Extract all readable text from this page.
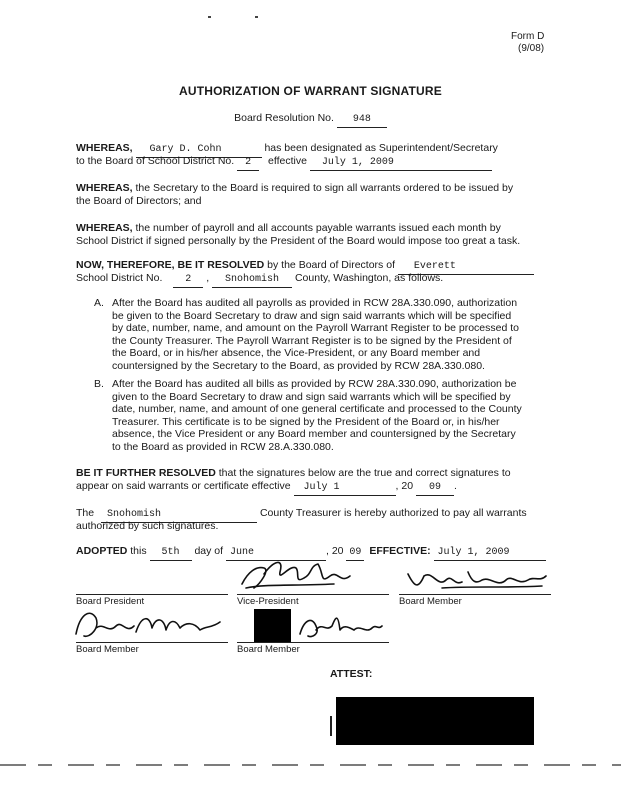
Form D
(9/08)
AUTHORIZATION OF WARRANT SIGNATURE
Board Resolution No. 948
WHEREAS, Gary D. Cohn	has been designated as Superintendent/Secretary
to the Board of School District No. 2 effective July 1, 2009
WHEREAS, the Secretary to the Board is required to sign all warrants ordered to be issued by
the Board of Directors; and
WHEREAS, the number of payroll and all accounts payable warrants issued each month by
School District if signed personally by the President of the Board would impose too great a task.
NOW, THEREFORE, BE IT RESOLVED by the Board of Directors of Everett
School District No. 2 , Snohomish County, Washington, as follows.
A. After the Board has audited all payrolls as provided in RCW 28A.330.090, authorization
be given to the Board Secretary to draw and sign said warrants which will be specified
by date, number, name, and amount on the Payroll Warrant Register to be processed to
the County Treasurer. The Payroll Warrant Register is to be signed by the President of
the Board, or in his/her absence, the Vice-President, or any Board member and
countersigned by the Secretary to the Board, as provided by RCW 28A.330.080.
B. After the Board has audited all bills as provided by RCW 28A.330.090, authorization be
given to the Board Secretary to draw and sign said warrants which will be specified by
date, number, name, and amount of one general certificate and processed to the County
Treasurer. This certificate is to be signed by the President of the Board or, in his/her
absence, the Vice President or any Board member and countersigned by the Secretary
to the Board as provided in RCW 28.A.330.080.
BE IT FURTHER RESOLVED that the signatures below are the true and correct signatures to
appear on said warrants or certificate effective July 1	, 20 09 .
The Snohomish	County Treasurer is hereby authorized to pay all warrants
authorized by such signatures.
ADOPTED this 5th day of June	, 20 09 EFFECTIVE: July 1, 2009
Board President	Vice-President	Board Member
Board Member	Board Member
ATTEST:
